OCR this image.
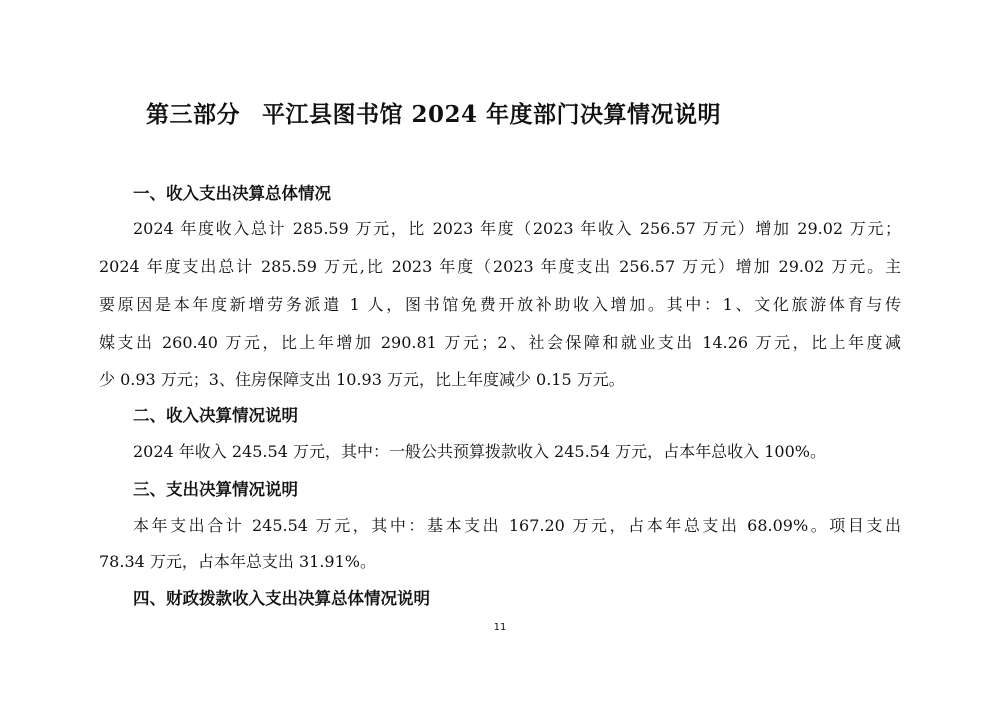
第三部分 平江县图书馆 2024 年度部门决算情况说明
一、收入支出决算总体情况
2024 年度收入总计 285.59 万元，比 2023 年度（2023 年收入 256.57 万元）增加 29.02 万元；
2024 年度支出总计 285.59 万元,比 2023 年度（2023 年度支出 256.57 万元）增加 29.02 万元。主
要原因是本年度新增劳务派遣 1 人，图书馆免费开放补助收入增加。其中：1、文化旅游体育与传
媒支出 260.40 万元，比上年增加 290.81 万元；2、社会保障和就业支出 14.26 万元，比上年度减
少 0.93 万元；3、住房保障支出 10.93 万元，比上年度减少 0.15 万元。
二、收入决算情况说明
2024 年收入 245.54 万元，其中：一般公共预算拨款收入 245.54 万元，占本年总收入 100%。
三、支出决算情况说明
本年支出合计 245.54 万元，其中：基本支出 167.20 万元，占本年总支出 68.09%。项目支出
78.34 万元，占本年总支出 31.91%。
四、财政拨款收入支出决算总体情况说明
11
